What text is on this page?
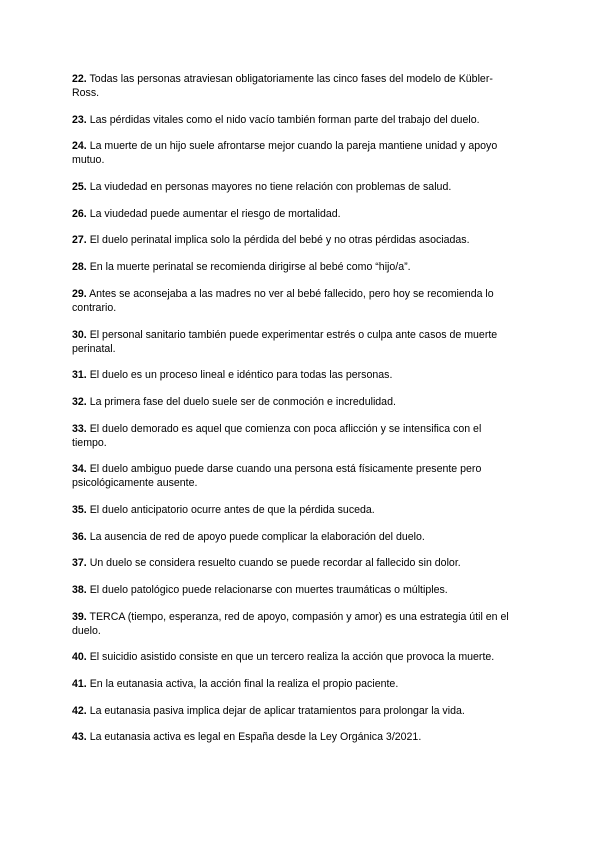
22. Todas las personas atraviesan obligatoriamente las cinco fases del modelo de Kübler-Ross.

23. Las pérdidas vitales como el nido vacío también forman parte del trabajo del duelo.

24. La muerte de un hijo suele afrontarse mejor cuando la pareja mantiene unidad y apoyo mutuo.

25. La viudedad en personas mayores no tiene relación con problemas de salud.

26. La viudedad puede aumentar el riesgo de mortalidad.

27. El duelo perinatal implica solo la pérdida del bebé y no otras pérdidas asociadas.

28. En la muerte perinatal se recomienda dirigirse al bebé como “hijo/a”.

29. Antes se aconsejaba a las madres no ver al bebé fallecido, pero hoy se recomienda lo contrario.

30. El personal sanitario también puede experimentar estrés o culpa ante casos de muerte perinatal.

31. El duelo es un proceso lineal e idéntico para todas las personas.

32. La primera fase del duelo suele ser de conmoción e incredulidad.

33. El duelo demorado es aquel que comienza con poca aflicción y se intensifica con el tiempo.

34. El duelo ambiguo puede darse cuando una persona está físicamente presente pero psicológicamente ausente.

35. El duelo anticipatorio ocurre antes de que la pérdida suceda.

36. La ausencia de red de apoyo puede complicar la elaboración del duelo.

37. Un duelo se considera resuelto cuando se puede recordar al fallecido sin dolor.

38. El duelo patológico puede relacionarse con muertes traumáticas o múltiples.

39. TERCA (tiempo, esperanza, red de apoyo, compasión y amor) es una estrategia útil en el duelo.

40. El suicidio asistido consiste en que un tercero realiza la acción que provoca la muerte.

41. En la eutanasia activa, la acción final la realiza el propio paciente.

42. La eutanasia pasiva implica dejar de aplicar tratamientos para prolongar la vida.

43. La eutanasia activa es legal en España desde la Ley Orgánica 3/2021.
